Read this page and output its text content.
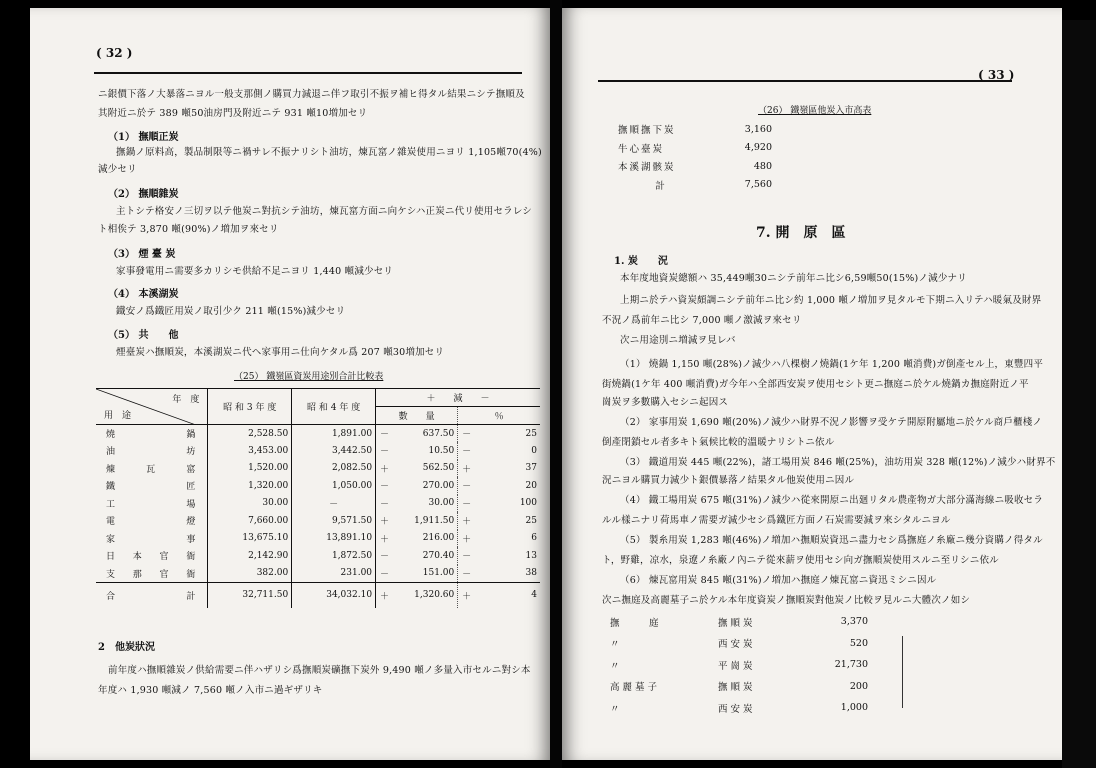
( 32 )
ニ銀價下落ノ大暴落ニヨル一般支那側ノ購買力減退ニ伴フ取引不振ヲ補ヒ得タル結果ニシテ撫順及
其附近ニ於テ 389 噸50油房門及附近ニテ 931 噸10増加セリ
（1） 撫順正炭
撫鍋ノ原料高，製品制限等ニ禍サレ不振ナリシト油坊，煉瓦窰ノ雜炭使用ニヨリ 1,105噸70(4%)
減少セリ
（2） 撫順雜炭
主トシテ格安ノ三切ヲ以テ他炭ニ對抗シテ油坊，煉瓦窰方面ニ向ケシハ正炭ニ代リ使用セラレシ
ト相俟テ 3,870 噸(90%)ノ増加ヲ來セリ
（3） 煙 臺 炭
家事發電用ニ需要多カリシモ供給不足ニヨリ 1,440 噸減少セリ
（4） 本溪湖炭
鐵安ノ爲鐵匠用炭ノ取引少ク 211 噸(15%)減少セリ
（5） 共　　他
煙臺炭ハ撫順炭，本溪湖炭ニ代ヘ家事用ニ仕向ケタル爲 207 噸30増加セリ
（25） 鐵嶺區資炭用途別合計比較表
年　度
用　途	昭 和 3 年 度	昭 和 4 年 度	＋　　減　　－			
			數　　量		％	
燒鍋	2,528.50	1,891.00	－	637.50	－	25
油坊	3,453.00	3,442.50	－	10.50	－	0
煉瓦窰	1,520.00	2,082.50	＋	562.50	＋	37
鐵匠	1,320.00	1,050.00	－	270.00	－	20
工場	30.00	－	－	30.00	－	100
電燈	7,660.00	9,571.50	＋	1,911.50	＋	25
家事	13,675.10	13,891.10	＋	216.00	＋	6
日本官衙	2,142.90	1,872.50	－	270.40	－	13
支那官衙	382.00	231.00	－	151.00	－	38
合　　計	32,711.50	34,032.10	＋	1,320.60	＋	4
2　他炭狀況
前年度ハ撫順雜炭ノ供給需要ニ伴ハザリシ爲撫順炭礦撫下炭外 9,490 噸ノ多量入市セルニ對シ本
年度ハ 1,930 噸減ノ 7,560 噸ノ入市ニ過ギザリキ
( 33 )
（26） 鐵嶺區他炭入市高表
撫順撫下炭	3,160
牛心臺炭	4,920
本溪湖骸炭	480
計	7,560
7. 開　原　區
1. 炭　　況
本年度地資炭總額ハ 35,449噸30ニシテ前年ニ比シ6,59噸50(15%)ノ減少ナリ
上期ニ於テハ資炭頗調ニシテ前年ニ比シ約 1,000 噸ノ増加ヲ見タルモ下期ニ入リテハ暖氣及財界
不況ノ爲前年ニ比シ 7,000 噸ノ激減ヲ來セリ
次ニ用途別ニ増減ヲ見レバ
（1） 燒鍋 1,150 噸(28%)ノ減少ハ八棵樹ノ燒鍋(1ケ年 1,200 噸消費)ガ倒產セル上，東豐四平
街燒鍋(1ケ年 400 噸消費)ガ今年ハ全部西安炭ヲ使用セシト更ニ撫庭ニ於ケル燒鍋カ撫庭附近ノ平
崗炭ヲ多數購入セシニ起因ス
（2） 家事用炭 1,690 噸(20%)ノ減少ハ財界不況ノ影響ヲ受ケテ開原附屬地ニ於ケル商戶櫃棧ノ
倒產閉鎖セル者多キト氣候比較的溫暖ナリシトニ依ル
（3） 鐵道用炭 445 噸(22%)，諸工場用炭 846 噸(25%)，油坊用炭 328 噸(12%)ノ減少ハ財界不
況ニヨル購買力減少ト銀價暴落ノ結果タル他炭使用ニ因ル
（4） 鐵工場用炭 675 噸(31%)ノ減少ハ從來開原ニ出廻リタル農產物ガ大部分滿海線ニ吸收セラ
ルル樣ニナリ荷馬車ノ需要ガ減少セシ爲鐵匠方面ノ石炭需要減ヲ來シタルニヨル
（5） 製糸用炭 1,283 噸(46%)ノ増加ハ撫順炭資迅ニ盡力セシ爲撫庭ノ糸廠ニ幾分資購ノ得タル
ト，野雞，凉水，泉遼ノ糸廠ノ內ニテ從來薪ヲ使用セシ向ガ撫順炭使用スルニ至リシニ依ル
（6） 煉瓦窰用炭 845 噸(31%)ノ増加ハ撫庭ノ煉瓦窰ニ資迅ミシニ因ル
次ニ撫庭及高麗墓子ニ於ケル本年度資炭ノ撫順炭對他炭ノ比較ヲ見ルニ大體次ノ如シ
撫　庭	撫順炭	3,370
〃	西安炭	520
〃	平崗炭	21,730
高麗墓子	撫順炭	200
〃	西安炭	1,000
